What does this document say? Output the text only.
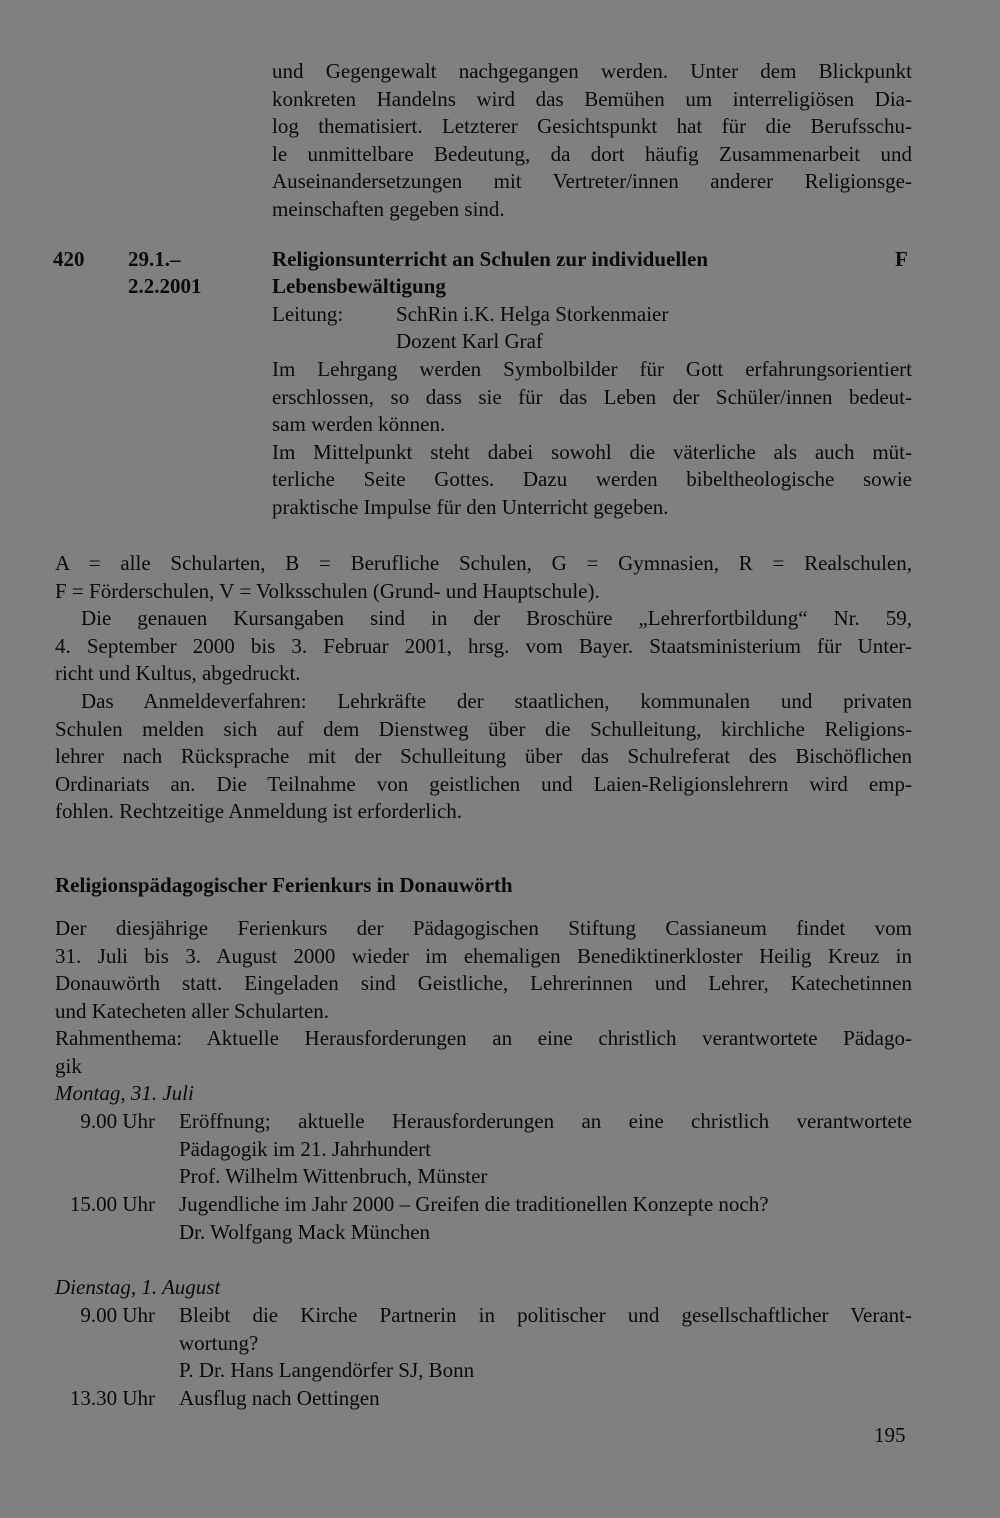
und Gegengewalt nachgegangen werden. Unter dem Blickpunkt
konkreten Handelns wird das Bemühen um interreligiösen Dia-
log thematisiert. Letzterer Gesichtspunkt hat für die Berufsschu-
le unmittelbare Bedeutung, da dort häufig Zusammenarbeit und
Auseinandersetzungen mit Vertreter/innen anderer Religionsge-
meinschaften gegeben sind.
420 29.1.–
2.2.2001
Religionsunterricht an Schulen zur individuellen
Lebensbewältigung
F
Leitung:	SchRin i.K. Helga Storkenmaier
Dozent Karl Graf
Im Lehrgang werden Symbolbilder für Gott erfahrungsorientiert
erschlossen, so dass sie für das Leben der Schüler/innen bedeut-
sam werden können.
Im Mittelpunkt steht dabei sowohl die väterliche als auch müt-
terliche Seite Gottes. Dazu werden bibeltheologische sowie
praktische Impulse für den Unterricht gegeben.
A = alle Schularten, B = Berufliche Schulen, G = Gymnasien, R = Realschulen,
F = Förderschulen, V = Volksschulen (Grund- und Hauptschule).
Die genauen Kursangaben sind in der Broschüre „Lehrerfortbildung“ Nr. 59,
4. September 2000 bis 3. Februar 2001, hrsg. vom Bayer. Staatsministerium für Unter-
richt und Kultus, abgedruckt.
Das Anmeldeverfahren: Lehrkräfte der staatlichen, kommunalen und privaten
Schulen melden sich auf dem Dienstweg über die Schulleitung, kirchliche Religions-
lehrer nach Rücksprache mit der Schulleitung über das Schulreferat des Bischöflichen
Ordinariats an. Die Teilnahme von geistlichen und Laien-Religionslehrern wird emp-
fohlen. Rechtzeitige Anmeldung ist erforderlich.
Religionspädagogischer Ferienkurs in Donauwörth
Der diesjährige Ferienkurs der Pädagogischen Stiftung Cassianeum findet vom
31. Juli bis 3. August 2000 wieder im ehemaligen Benediktinerkloster Heilig Kreuz in
Donauwörth statt. Eingeladen sind Geistliche, Lehrerinnen und Lehrer, Katechetinnen
und Katecheten aller Schularten.
Rahmenthema: Aktuelle Herausforderungen an eine christlich verantwortete Pädago-
gik
Montag, 31. Juli
9.00 Uhr Eröffnung; aktuelle Herausforderungen an eine christlich verantwortete
Pädagogik im 21. Jahrhundert
Prof. Wilhelm Wittenbruch, Münster
15.00 Uhr Jugendliche im Jahr 2000 – Greifen die traditionellen Konzepte noch?
Dr. Wolfgang Mack München
Dienstag, 1. August
9.00 Uhr Bleibt die Kirche Partnerin in politischer und gesellschaftlicher Verant-
wortung?
P. Dr. Hans Langendörfer SJ, Bonn
13.30 Uhr Ausflug nach Oettingen
195
